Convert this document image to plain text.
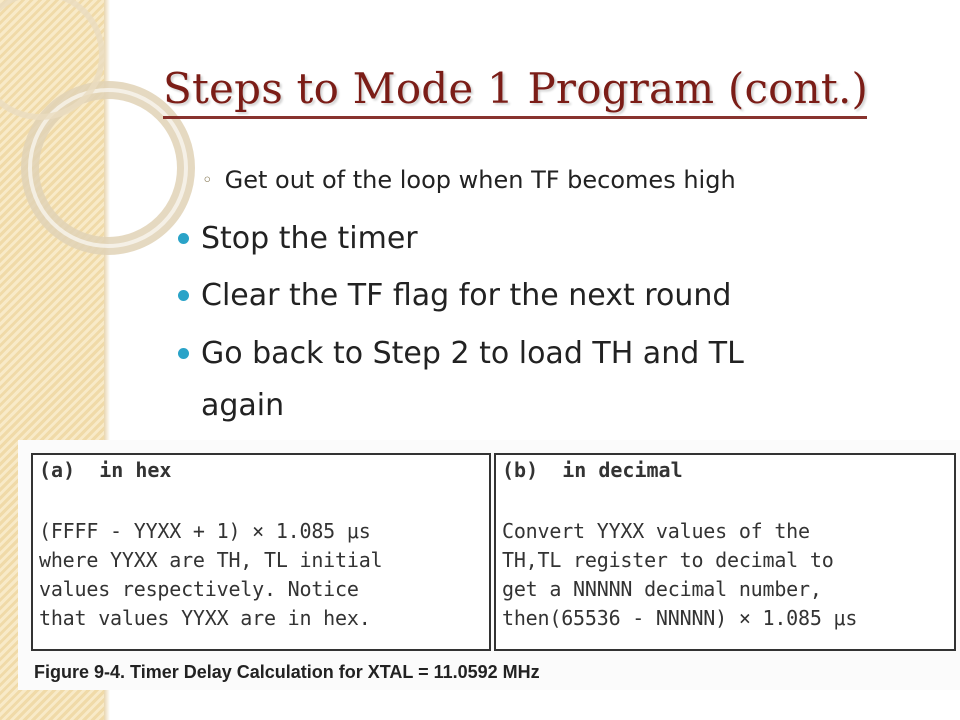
Steps to Mode 1 Program (cont.)
◦ Get out of the loop when TF becomes high
Stop the timer
Clear the TF flag for the next round
Go back to Step 2 to load TH and TL
again
(a)  in hex
(FFFF - YYXX + 1) × 1.085 μs
where YYXX are TH, TL initial
values respectively. Notice
that values YYXX are in hex.
(b)  in decimal
Convert YYXX values of the
TH,TL register to decimal to
get a NNNNN decimal number,
then(65536 - NNNNN) × 1.085 μs
Figure 9-4. Timer Delay Calculation for XTAL = 11.0592 MHz
